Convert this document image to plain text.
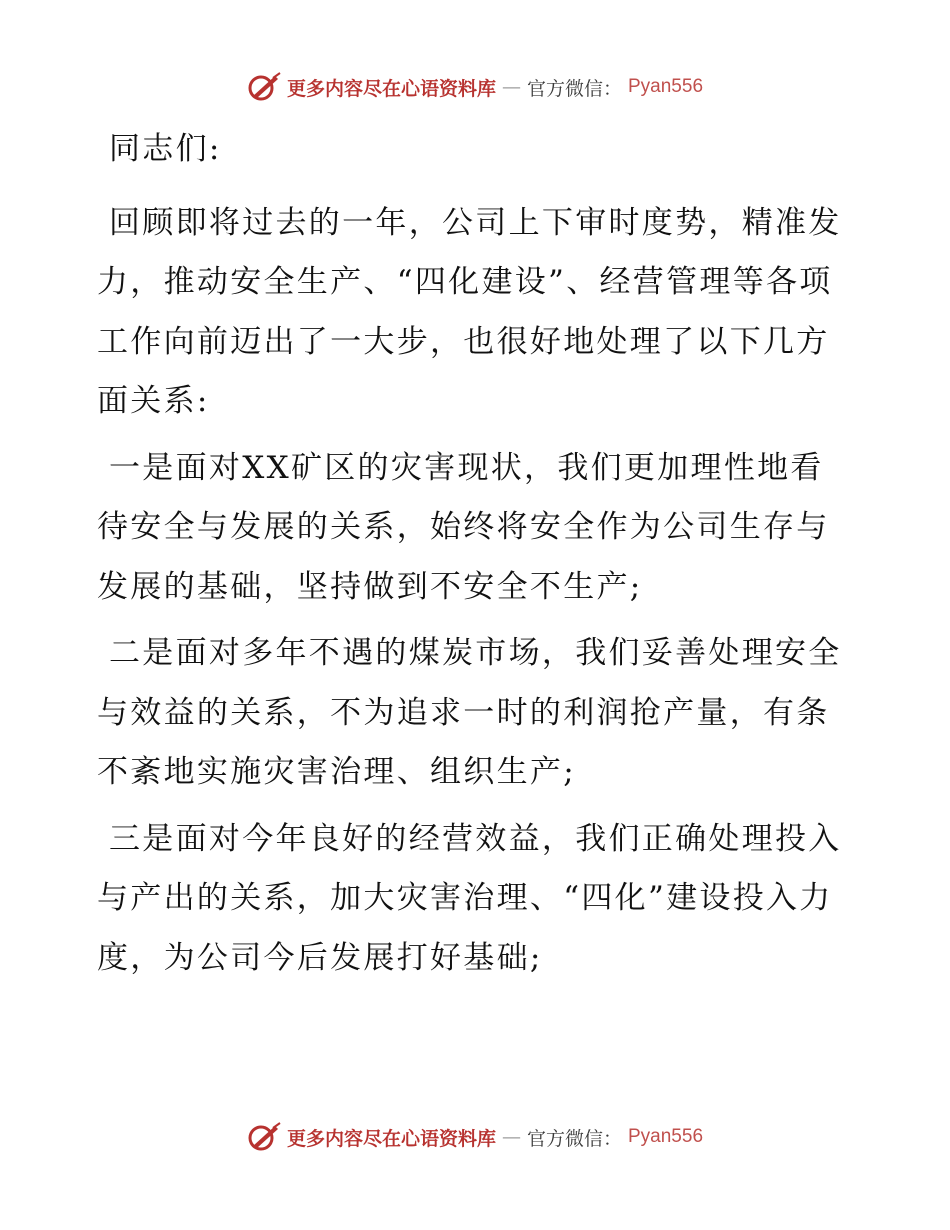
更多内容尽在心语资料库 — 官方微信： Pyan556

同志们:

回顾即将过去的一年，公司上下审时度势，精准发力，推动安全生产、“四化建设”、经营管理等各项工作向前迈出了一大步，也很好地处理了以下几方面关系:

一是面对XX矿区的灾害现状，我们更加理性地看待安全与发展的关系，始终将安全作为公司生存与发展的基础，坚持做到不安全不生产;

二是面对多年不遇的煤炭市场，我们妥善处理安全与效益的关系，不为追求一时的利润抢产量，有条不紊地实施灾害治理、组织生产;

三是面对今年良好的经营效益，我们正确处理投入与产出的关系，加大灾害治理、“四化”建设投入力度，为公司今后发展打好基础;

更多内容尽在心语资料库 — 官方微信： Pyan556
